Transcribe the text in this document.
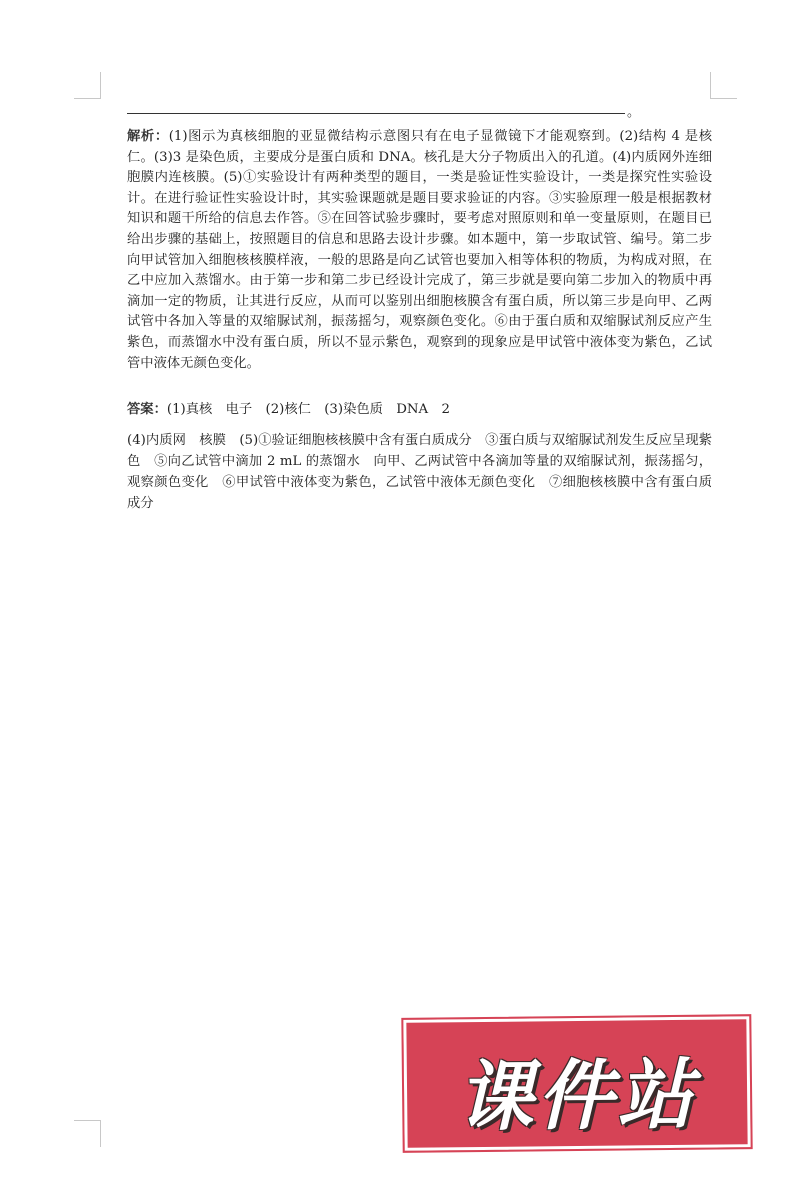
。
解析：(1)图示为真核细胞的亚显微结构示意图只有在电子显微镜下才能观察到。(2)结构 4 是核仁。(3)3 是染色质，主要成分是蛋白质和 DNA。核孔是大分子物质出入的孔道。(4)内质网外连细胞膜内连核膜。(5)①实验设计有两种类型的题目，一类是验证性实验设计，一类是探究性实验设计。在进行验证性实验设计时，其实验课题就是题目要求验证的内容。③实验原理一般是根据教材知识和题干所给的信息去作答。⑤在回答试验步骤时，要考虑对照原则和单一变量原则，在题目已给出步骤的基础上，按照题目的信息和思路去设计步骤。如本题中，第一步取试管、编号。第二步向甲试管加入细胞核核膜样液，一般的思路是向乙试管也要加入相等体积的物质，为构成对照，在乙中应加入蒸馏水。由于第一步和第二步已经设计完成了，第三步就是要向第二步加入的物质中再滴加一定的物质，让其进行反应，从而可以鉴别出细胞核膜含有蛋白质，所以第三步是向甲、乙两试管中各加入等量的双缩脲试剂，振荡摇匀，观察颜色变化。⑥由于蛋白质和双缩脲试剂反应产生紫色，而蒸馏水中没有蛋白质，所以不显示紫色，观察到的现象应是甲试管中液体变为紫色，乙试管中液体无颜色变化。
答案：(1)真核　电子　(2)核仁　(3)染色质　DNA　2
(4)内质网　核膜　(5)①验证细胞核核膜中含有蛋白质成分　③蛋白质与双缩脲试剂发生反应呈现紫色　⑤向乙试管中滴加 2 mL 的蒸馏水　向甲、乙两试管中各滴加等量的双缩脲试剂，振荡摇匀，观察颜色变化　⑥甲试管中液体变为紫色，乙试管中液体无颜色变化　⑦细胞核核膜中含有蛋白质成分
课件站
